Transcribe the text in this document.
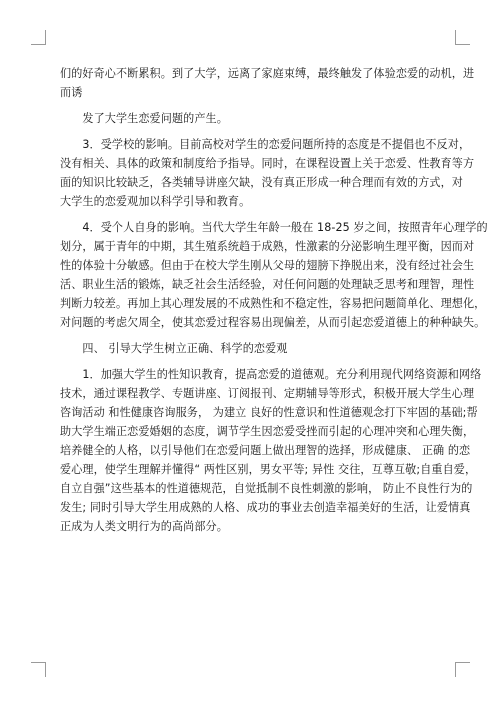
们的好奇心不断累积。到了大学，远离了家庭束缚，最终触发了体验恋爱的动机，进
而诱
　　发了大学生恋爱问题的产生。
　　3．受学校的影响。目前高校对学生的恋爱问题所持的态度是不提倡也不反对，
没有相关、具体的政策和制度给予指导。同时，在课程设置上关于恋爱、性教育等方
面的知识比较缺乏，各类辅导讲座欠缺，没有真正形成一种合理而有效的方式，对
大学生的恋爱观加以科学引导和教育。
　　4．受个人自身的影响。当代大学生年龄一般在 18-25 岁之间，按照青年心理学的
划分，属于青年的中期，其生殖系统趋于成熟，性激素的分泌影响生理平衡，因而对
性的体验十分敏感。但由于在校大学生刚从父母的翅膀下挣脱出来，没有经过社会生
活、职业生活的锻炼，缺乏社会生活经验，对任何问题的处理缺乏思考和理智，理性
判断力较差。再加上其心理发展的不成熟性和不稳定性，容易把问题简单化、理想化，
对问题的考虑欠周全，使其恋爱过程容易出现偏差，从而引起恋爱道德上的种种缺失。
　　四、 引导大学生树立正确、科学的恋爱观
　　1．加强大学生的性知识教育，提高恋爱的道德观。充分利用现代网络资源和网络
技术，通过课程教学、专题讲座、订阅报刊、定期辅导等形式，积极开展大学生心理
咨询活动 和性健康咨询服务， 为建立 良好的性意识和性道德观念打下牢固的基础;帮
助大学生端正恋爱婚姻的态度，调节学生因恋爱受挫而引起的心理冲突和心理失衡，
培养健全的人格，以引导他们在恋爱问题上做出理智的选择，形成健康、 正确 的恋
爱心理，使学生理解并懂得“ 两性区别，男女平等; 异性 交往，互尊互敬;自重自爱，
自立自强”这些基本的性道德规范，自觉抵制不良性刺激的影响， 防止不良性行为的
发生; 同时引导大学生用成熟的人格、成功的事业去创造幸福美好的生活，让爱情真
正成为人类文明行为的高尚部分。
